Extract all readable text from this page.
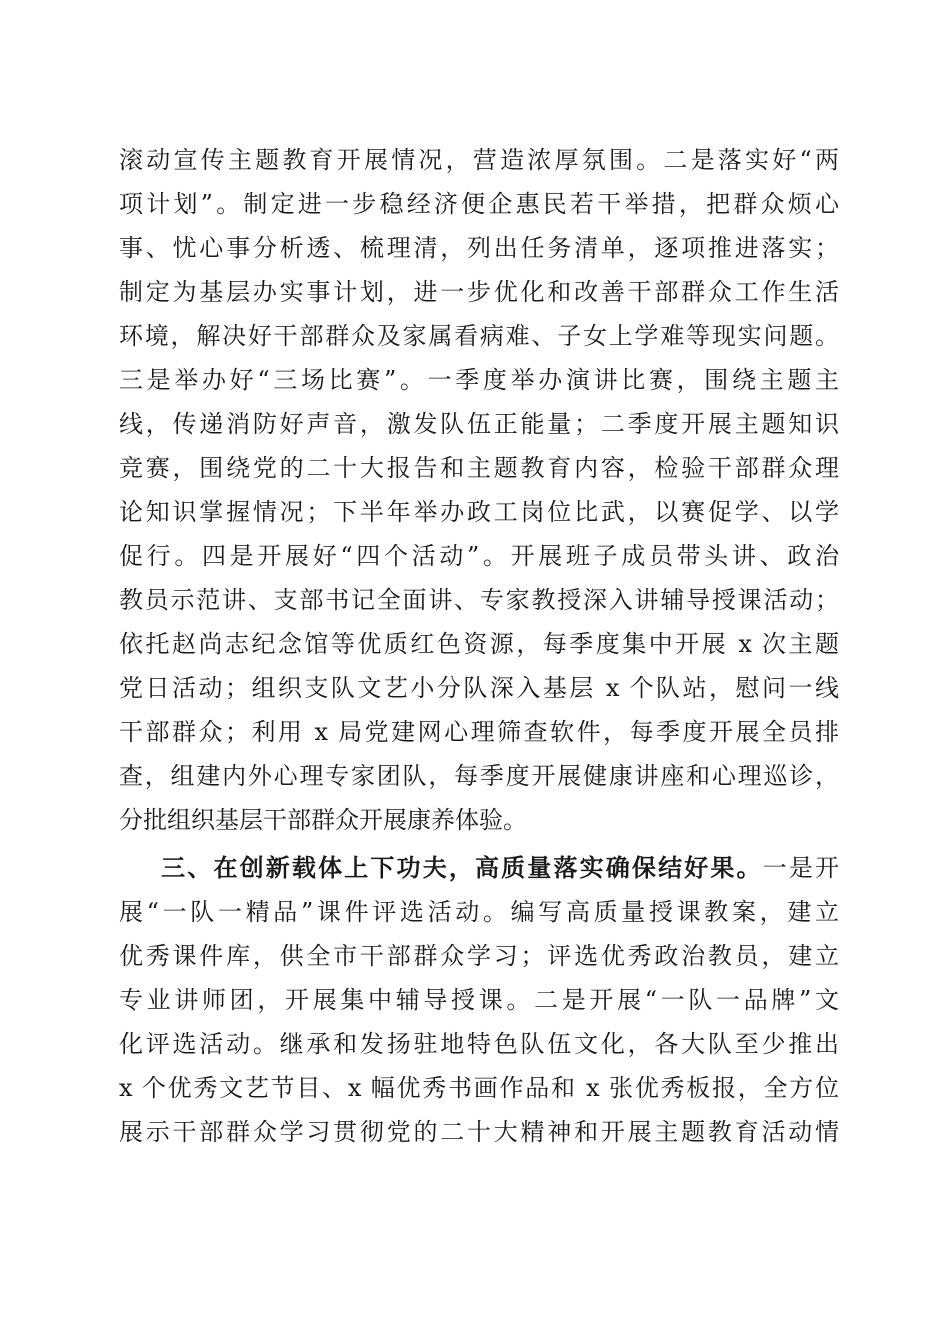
滚动宣传主题教育开展情况，营造浓厚氛围。二是落实好“两
项计划”。制定进一步稳经济便企惠民若干举措，把群众烦心
事、忧心事分析透、梳理清，列出任务清单，逐项推进落实；
制定为基层办实事计划，进一步优化和改善干部群众工作生活
环境，解决好干部群众及家属看病难、子女上学难等现实问题。
三是举办好“三场比赛”。一季度举办演讲比赛，围绕主题主
线，传递消防好声音，激发队伍正能量；二季度开展主题知识
竞赛，围绕党的二十大报告和主题教育内容，检验干部群众理
论知识掌握情况；下半年举办政工岗位比武，以赛促学、以学
促行。四是开展好“四个活动”。开展班子成员带头讲、政治
教员示范讲、支部书记全面讲、专家教授深入讲辅导授课活动；
依托赵尚志纪念馆等优质红色资源，每季度集中开展 x 次主题
党日活动；组织支队文艺小分队深入基层 x 个队站，慰问一线
干部群众；利用 x 局党建网心理筛查软件，每季度开展全员排
查，组建内外心理专家团队，每季度开展健康讲座和心理巡诊，
分批组织基层干部群众开展康养体验。
三、在创新载体上下功夫，高质量落实确保结好果。一是开
展“一队一精品”课件评选活动。编写高质量授课教案，建立
优秀课件库，供全市干部群众学习；评选优秀政治教员，建立
专业讲师团，开展集中辅导授课。二是开展“一队一品牌”文
化评选活动。继承和发扬驻地特色队伍文化，各大队至少推出
x 个优秀文艺节目、x 幅优秀书画作品和 x 张优秀板报，全方位
展示干部群众学习贯彻党的二十大精神和开展主题教育活动情
